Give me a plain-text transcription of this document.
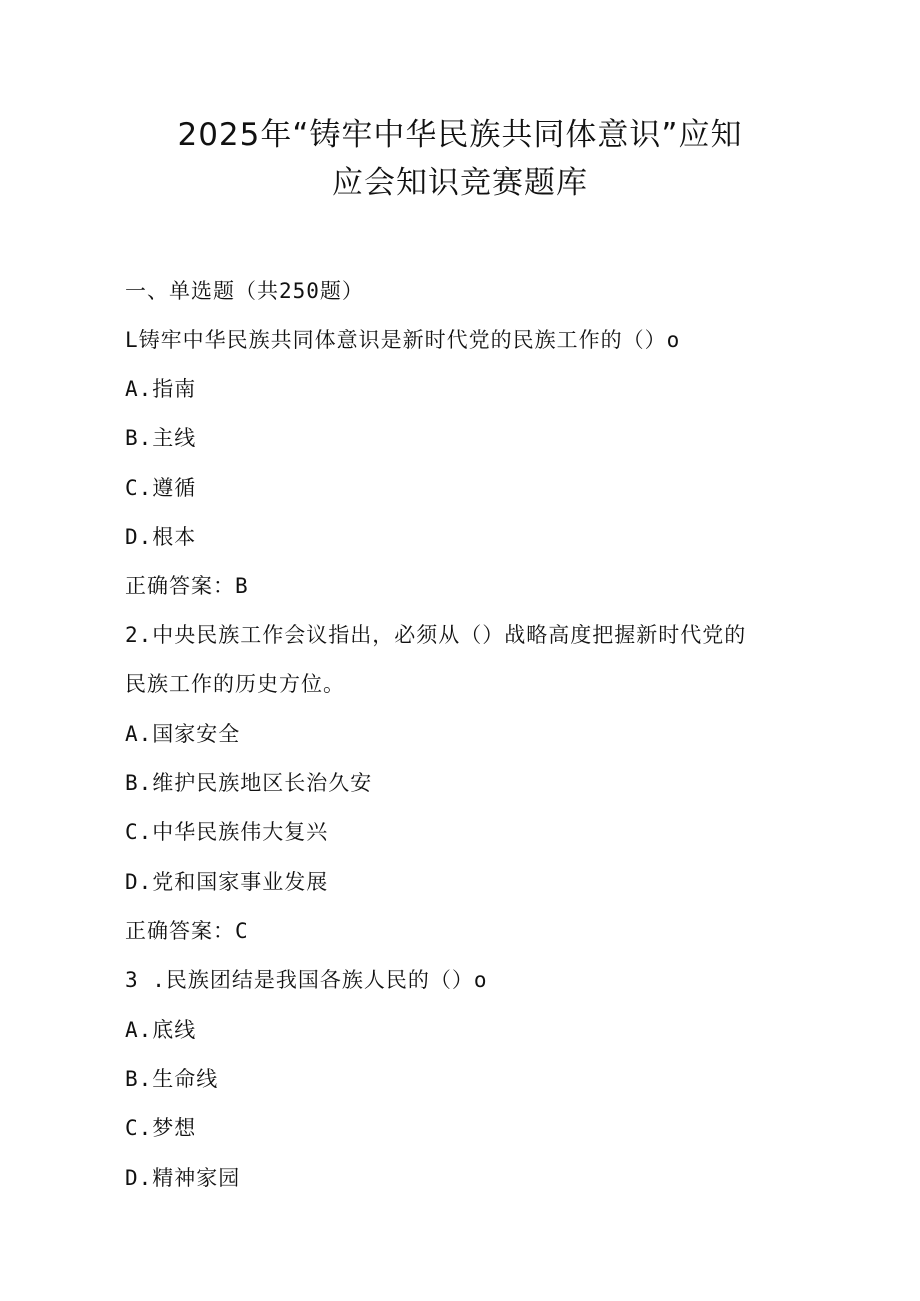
2025年“铸牢中华民族共同体意识”应知
应会知识竞赛题库
一、单选题（共250题）
L铸牢中华民族共同体意识是新时代党的民族工作的（）o
A.指南
B.主线
C.遵循
D.根本
正确答案：B
2.中央民族工作会议指出，必须从（）战略高度把握新时代党的
民族工作的历史方位。
A.国家安全
B.维护民族地区长治久安
C.中华民族伟大复兴
D.党和国家事业发展
正确答案：C
3 .民族团结是我国各族人民的（）o
A.底线
B.生命线
C.梦想
D.精神家园
